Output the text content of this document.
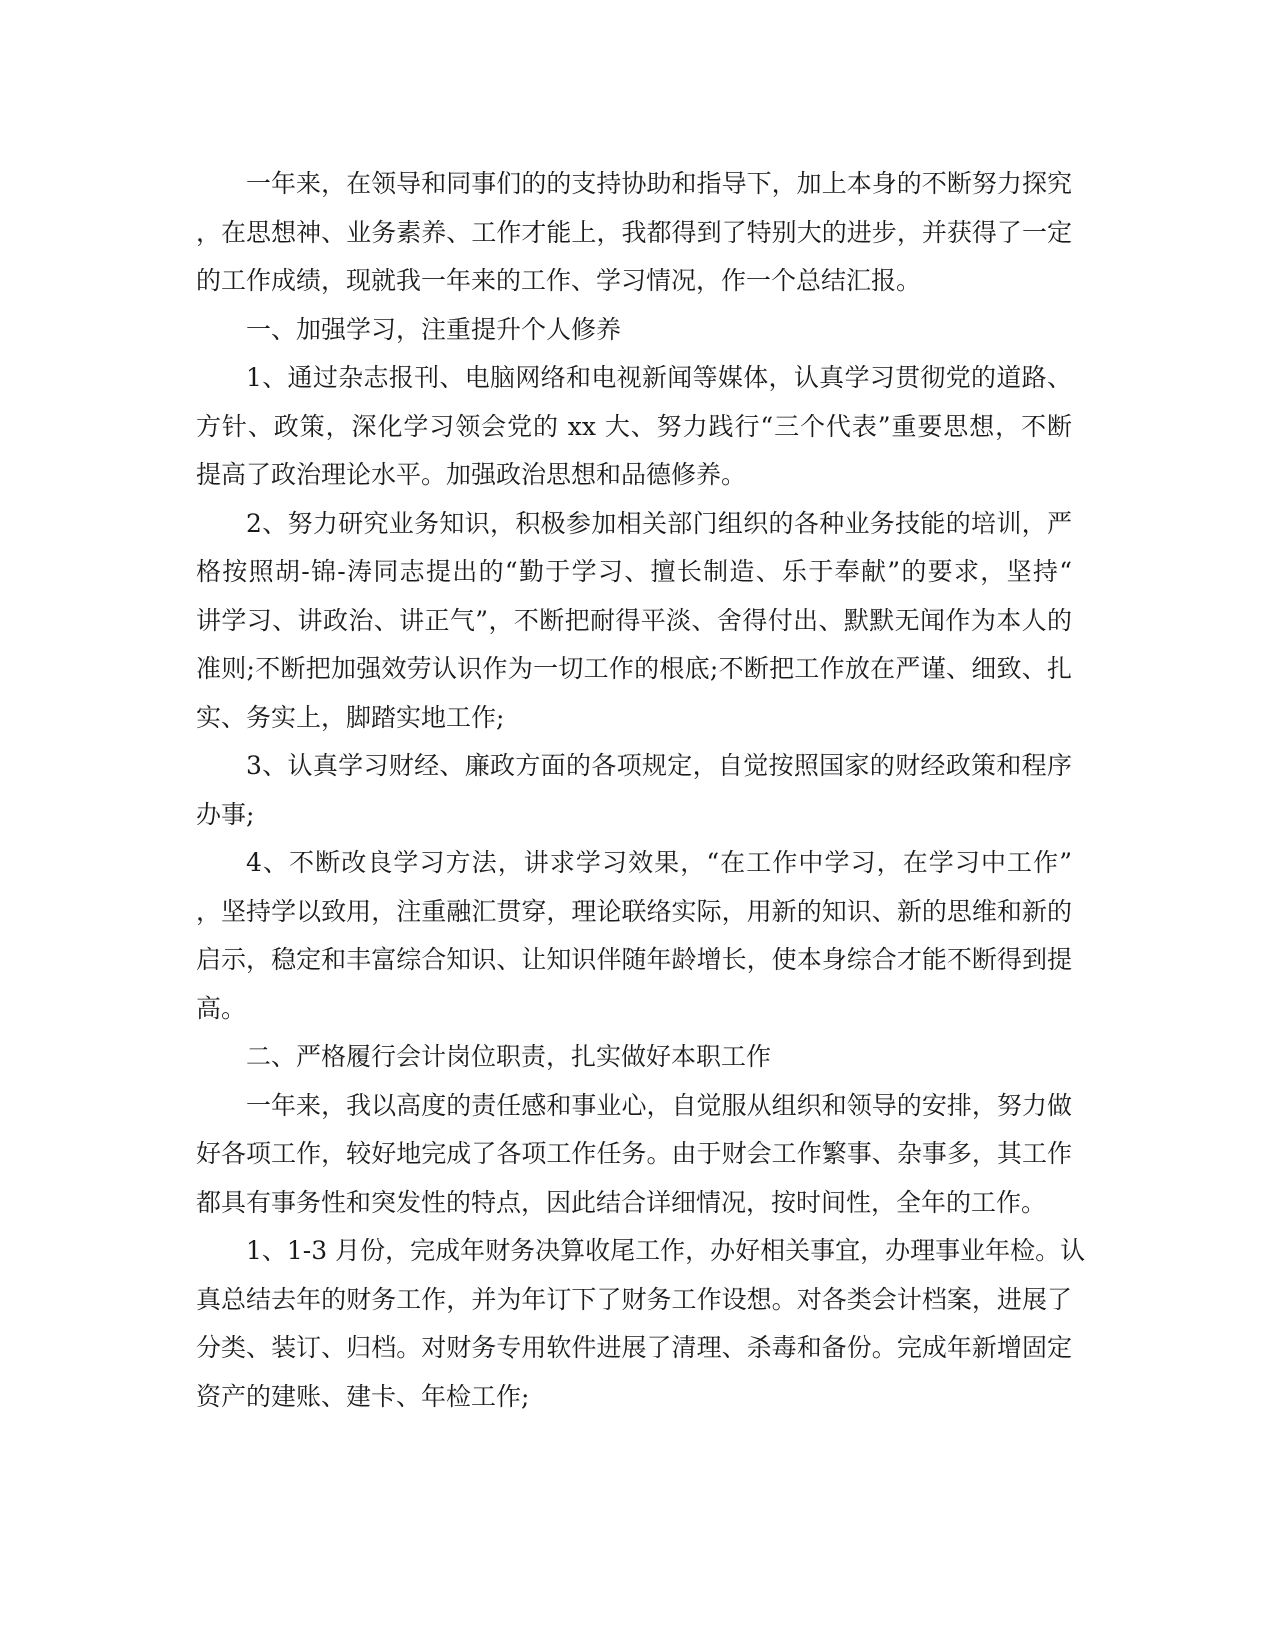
一年来，在领导和同事们的的支持协助和指导下，加上本身的不断努力探究
，在思想神、业务素养、工作才能上，我都得到了特别大的进步，并获得了一定
的工作成绩，现就我一年来的工作、学习情况，作一个总结汇报。
一、加强学习，注重提升个人修养
1、通过杂志报刊、电脑网络和电视新闻等媒体，认真学习贯彻党的道路、
方针、政策，深化学习领会党的 xx 大、努力践行“三个代表”重要思想，不断
提高了政治理论水平。加强政治思想和品德修养。
2、努力研究业务知识，积极参加相关部门组织的各种业务技能的培训，严
格按照胡-锦-涛同志提出的“勤于学习、擅长制造、乐于奉献”的要求，坚持“
讲学习、讲政治、讲正气”，不断把耐得平淡、舍得付出、默默无闻作为本人的
准则;不断把加强效劳认识作为一切工作的根底;不断把工作放在严谨、细致、扎
实、务实上，脚踏实地工作;
3、认真学习财经、廉政方面的各项规定，自觉按照国家的财经政策和程序
办事;
4、不断改良学习方法，讲求学习效果，“在工作中学习，在学习中工作”
，坚持学以致用，注重融汇贯穿，理论联络实际，用新的知识、新的思维和新的
启示，稳定和丰富综合知识、让知识伴随年龄增长，使本身综合才能不断得到提
高。
二、严格履行会计岗位职责，扎实做好本职工作
一年来，我以高度的责任感和事业心，自觉服从组织和领导的安排，努力做
好各项工作，较好地完成了各项工作任务。由于财会工作繁事、杂事多，其工作
都具有事务性和突发性的特点，因此结合详细情况，按时间性，全年的工作。
1、1-3 月份，完成年财务决算收尾工作，办好相关事宜，办理事业年检。认
真总结去年的财务工作，并为年订下了财务工作设想。对各类会计档案，进展了
分类、装订、归档。对财务专用软件进展了清理、杀毒和备份。完成年新增固定
资产的建账、建卡、年检工作;
